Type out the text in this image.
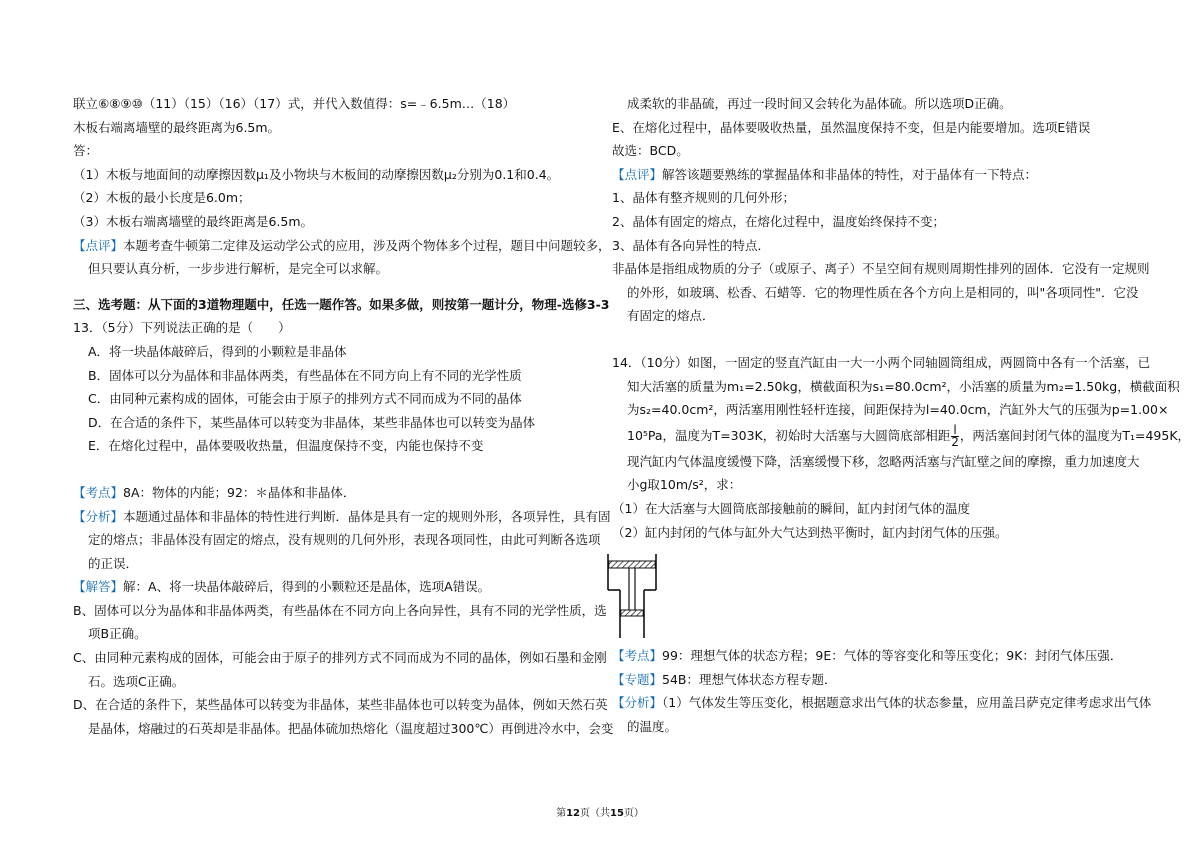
联立⑥⑧⑨⑩（11）（15）（16）（17）式，并代入数值得：s=﹣6.5m…（18）
木板右端离墙壁的最终距离为6.5m。
答：
（1）木板与地面间的动摩擦因数μ₁及小物块与木板间的动摩擦因数μ₂分别为0.1和0.4。
（2）木板的最小长度是6.0m；
（3）木板右端离墙壁的最终距离是6.5m。
【点评】本题考查牛顿第二定律及运动学公式的应用，涉及两个物体多个过程，题目中问题较多，
但只要认真分析，一步步进行解析，是完全可以求解。
三、选考题：从下面的3道物理题中，任选一题作答。如果多做，则按第一题计分，物理-选修3-3
13．（5分）下列说法正确的是（　　）
A．将一块晶体敲碎后，得到的小颗粒是非晶体
B．固体可以分为晶体和非晶体两类，有些晶体在不同方向上有不同的光学性质
C．由同种元素构成的固体，可能会由于原子的排列方式不同而成为不同的晶体
D．在合适的条件下，某些晶体可以转变为非晶体，某些非晶体也可以转变为晶体
E．在熔化过程中，晶体要吸收热量，但温度保持不变，内能也保持不变
【考点】8A：物体的内能；92：＊晶体和非晶体．
【分析】本题通过晶体和非晶体的特性进行判断．晶体是具有一定的规则外形，各项异性，具有固
定的熔点；非晶体没有固定的熔点，没有规则的几何外形，表现各项同性，由此可判断各选项
的正误．
【解答】解：A、将一块晶体敲碎后，得到的小颗粒还是晶体，选项A错误。
B、固体可以分为晶体和非晶体两类，有些晶体在不同方向上各向异性，具有不同的光学性质，选
项B正确。
C、由同种元素构成的固体，可能会由于原子的排列方式不同而成为不同的晶体，例如石墨和金刚
石。选项C正确。
D、在合适的条件下，某些晶体可以转变为非晶体，某些非晶体也可以转变为晶体，例如天然石英
是晶体，熔融过的石英却是非晶体。把晶体硫加热熔化（温度超过300℃）再倒进冷水中，会变
成柔软的非晶硫，再过一段时间又会转化为晶体硫。所以选项D正确。
E、在熔化过程中，晶体要吸收热量，虽然温度保持不变，但是内能要增加。选项E错误
故选：BCD。
【点评】解答该题要熟练的掌握晶体和非晶体的特性，对于晶体有一下特点：
1、晶体有整齐规则的几何外形；
2、晶体有固定的熔点，在熔化过程中，温度始终保持不变；
3、晶体有各向异性的特点．
非晶体是指组成物质的分子（或原子、离子）不呈空间有规则周期性排列的固体．它没有一定规则
的外形，如玻璃、松香、石蜡等．它的物理性质在各个方向上是相同的，叫"各项同性"．它没
有固定的熔点．
14．（10分）如图，一固定的竖直汽缸由一大一小两个同轴圆筒组成，两圆筒中各有一个活塞，已
知大活塞的质量为m₁=2.50kg，横截面积为s₁=80.0cm²，小活塞的质量为m₂=1.50kg，横截面积
为s₂=40.0cm²，两活塞用刚性轻杆连接，间距保持为l=40.0cm，汽缸外大气的压强为p=1.00×
10⁵Pa，温度为T=303K，初始时大活塞与大圆筒底部相距 $\frac{l}{2}$ ，两活塞间封闭气体的温度为T₁=495K，
现汽缸内气体温度缓慢下降，活塞缓慢下移，忽略两活塞与汽缸壁之间的摩擦，重力加速度大
小g取10m/s²，求：
（1）在大活塞与大圆筒底部接触前的瞬间，缸内封闭气体的温度
（2）缸内封闭的气体与缸外大气达到热平衡时，缸内封闭气体的压强。
【考点】99：理想气体的状态方程；9E：气体的等容变化和等压变化；9K：封闭气体压强．
【专题】54B：理想气体状态方程专题．
【分析】（1）气体发生等压变化，根据题意求出气体的状态参量，应用盖吕萨克定律考虑求出气体
的温度。
第12页（共15页）
